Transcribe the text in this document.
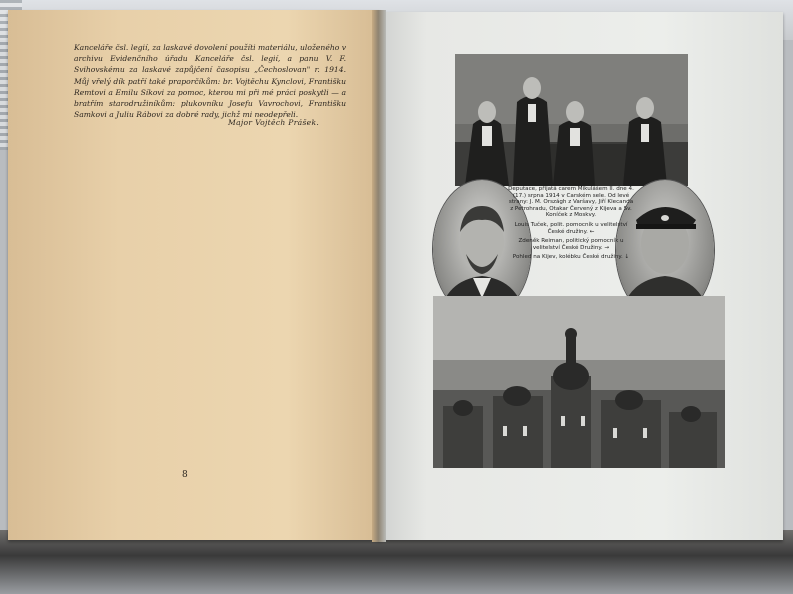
Kanceláře čsl. legií, za laskavé dovolení použíti materiálu, uloženého v archivu Evidenčního úřadu Kanceláře čsl. legií, a panu V. F. Svihovskému za laskavé zapůjčení časopisu „Čechoslovan" r. 1914. Můj vřelý dík patří také praporčíkům: br. Vojtěchu Kynclovi, Františku Remtovi a Emilu Síkovi za pomoc, kterou mi při mé práci poskytli — a bratřím starodružiníkům: plukovníku Josefu Vavrochovi, Františku Samkovi a Juliu Rábovi za dobré rady, jichž mi neodepřeli.

Major Vojtěch Prášek.
8

Deputace, přijatá carem Mikulášem II. dne 4. (17.) srpna 1914 v Carském sele. Od levé strany: J. M. Országh z Varšavy, Jiří Klecanda z Petrohradu, Otakar Červený z Kijeva a Sv. Koníček z Moskvy.

Louis Tuček, polit. pomocník u velitelství České družiny. ←

Zdeněk Reiman, politický pomocník u velitelství České Družiny. →

Pohled na Kijev, kolébku České družiny. ↓
